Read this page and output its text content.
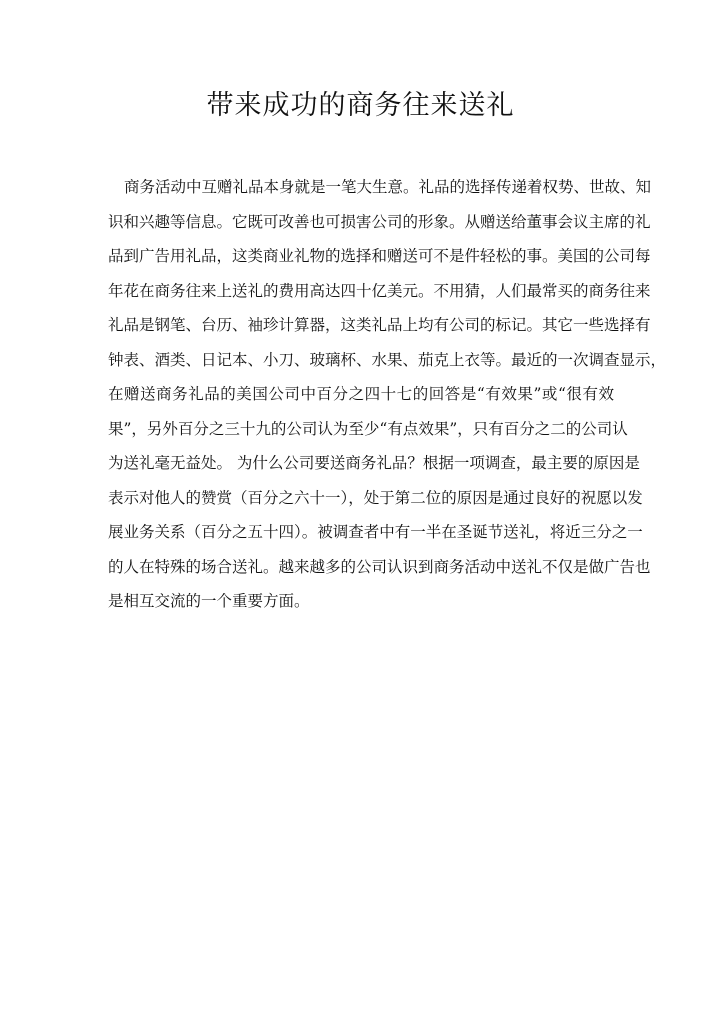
带来成功的商务往来送礼
商务活动中互赠礼品本身就是一笔大生意。礼品的选择传递着权势、世故、知
识和兴趣等信息。它既可改善也可损害公司的形象。从赠送给董事会议主席的礼
品到广告用礼品，这类商业礼物的选择和赠送可不是件轻松的事。美国的公司每
年花在商务往来上送礼的费用高达四十亿美元。不用猜，人们最常买的商务往来
礼品是钢笔、台历、袖珍计算器，这类礼品上均有公司的标记。其它一些选择有
钟表、酒类、日记本、小刀、玻璃杯、水果、茄克上衣等。最近的一次调查显示，
在赠送商务礼品的美国公司中百分之四十七的回答是“有效果”或“很有效
果”，另外百分之三十九的公司认为至少“有点效果”，只有百分之二的公司认
为送礼毫无益处。 为什么公司要送商务礼品？根据一项调查，最主要的原因是
表示对他人的赞赏（百分之六十一），处于第二位的原因是通过良好的祝愿以发
展业务关系（百分之五十四）。被调查者中有一半在圣诞节送礼，将近三分之一
的人在特殊的场合送礼。越来越多的公司认识到商务活动中送礼不仅是做广告也
是相互交流的一个重要方面。
